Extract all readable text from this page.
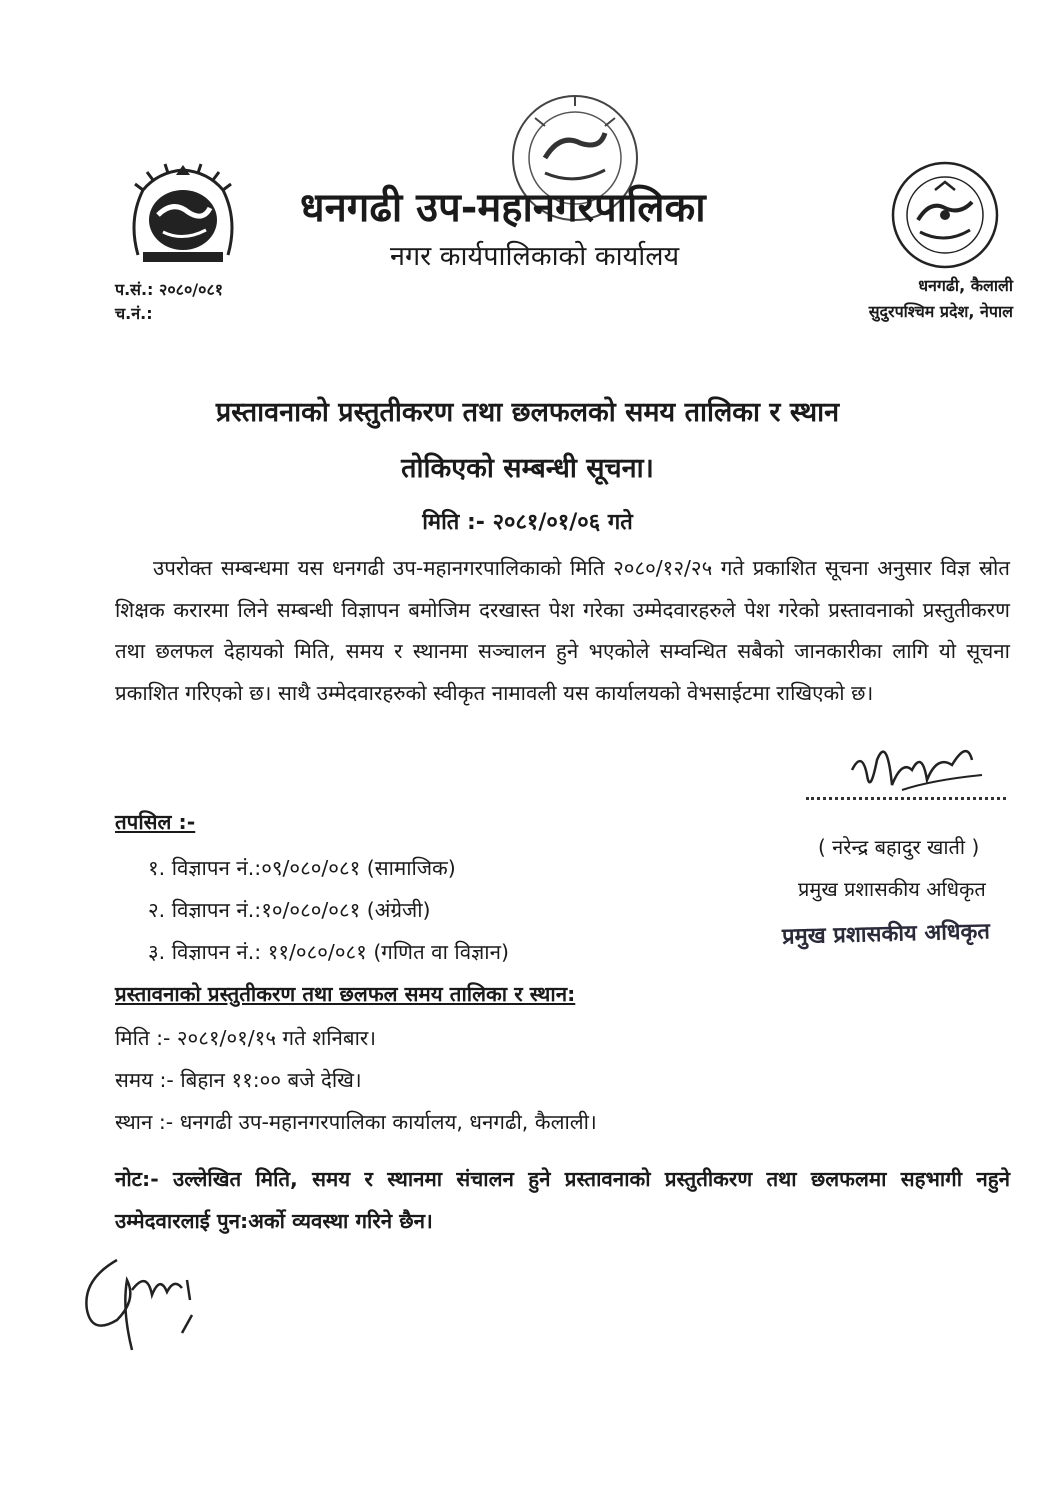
धनगढी उप-महानगरपालिका
नगर कार्यपालिकाको कार्यालय
प.सं.: २०८०/०८१
च.नं.:
धनगढी, कैलाली
सुदुरपश्चिम प्रदेश, नेपाल
प्रस्तावनाको प्रस्तुतीकरण तथा छलफलको समय तालिका र स्थान
तोकिएको सम्बन्धी सूचना।
मिति :- २०८१/०१/०६ गते
उपरोक्त सम्बन्धमा यस धनगढी उप-महानगरपालिकाको मिति २०८०/१२/२५ गते प्रकाशित सूचना अनुसार विज्ञ स्रोत शिक्षक करारमा लिने सम्बन्धी विज्ञापन बमोजिम दरखास्त पेश गरेका उम्मेदवारहरुले पेश गरेको प्रस्तावनाको प्रस्तुतीकरण तथा छलफल देहायको मिति, समय र स्थानमा सञ्चालन हुने भएकोले सम्वन्धित सबैको जानकारीका लागि यो सूचना प्रकाशित गरिएको छ। साथै उम्मेदवारहरुको स्वीकृत नामावली यस कार्यालयको वेभसाईटमा राखिएको छ।
( नरेन्द्र बहादुर खाती )
प्रमुख प्रशासकीय अधिकृत
प्रमुख प्रशासकीय अधिकृत
तपसिल :-
१. विज्ञापन नं.:०९/०८०/०८१ (सामाजिक)
२. विज्ञापन नं.:१०/०८०/०८१ (अंग्रेजी)
३. विज्ञापन नं.: ११/०८०/०८१ (गणित वा विज्ञान)
प्रस्तावनाको प्रस्तुतीकरण तथा छलफल समय तालिका र स्थान:
मिति :- २०८१/०१/१५ गते शनिबार।
समय :- बिहान ११:०० बजे देखि।
स्थान :- धनगढी उप-महानगरपालिका कार्यालय, धनगढी, कैलाली।
नोट:- उल्लेखित मिति, समय र स्थानमा संचालन हुने प्रस्तावनाको प्रस्तुतीकरण तथा छलफलमा सहभागी नहुने उम्मेदवारलाई पुन:अर्को व्यवस्था गरिने छैन।
